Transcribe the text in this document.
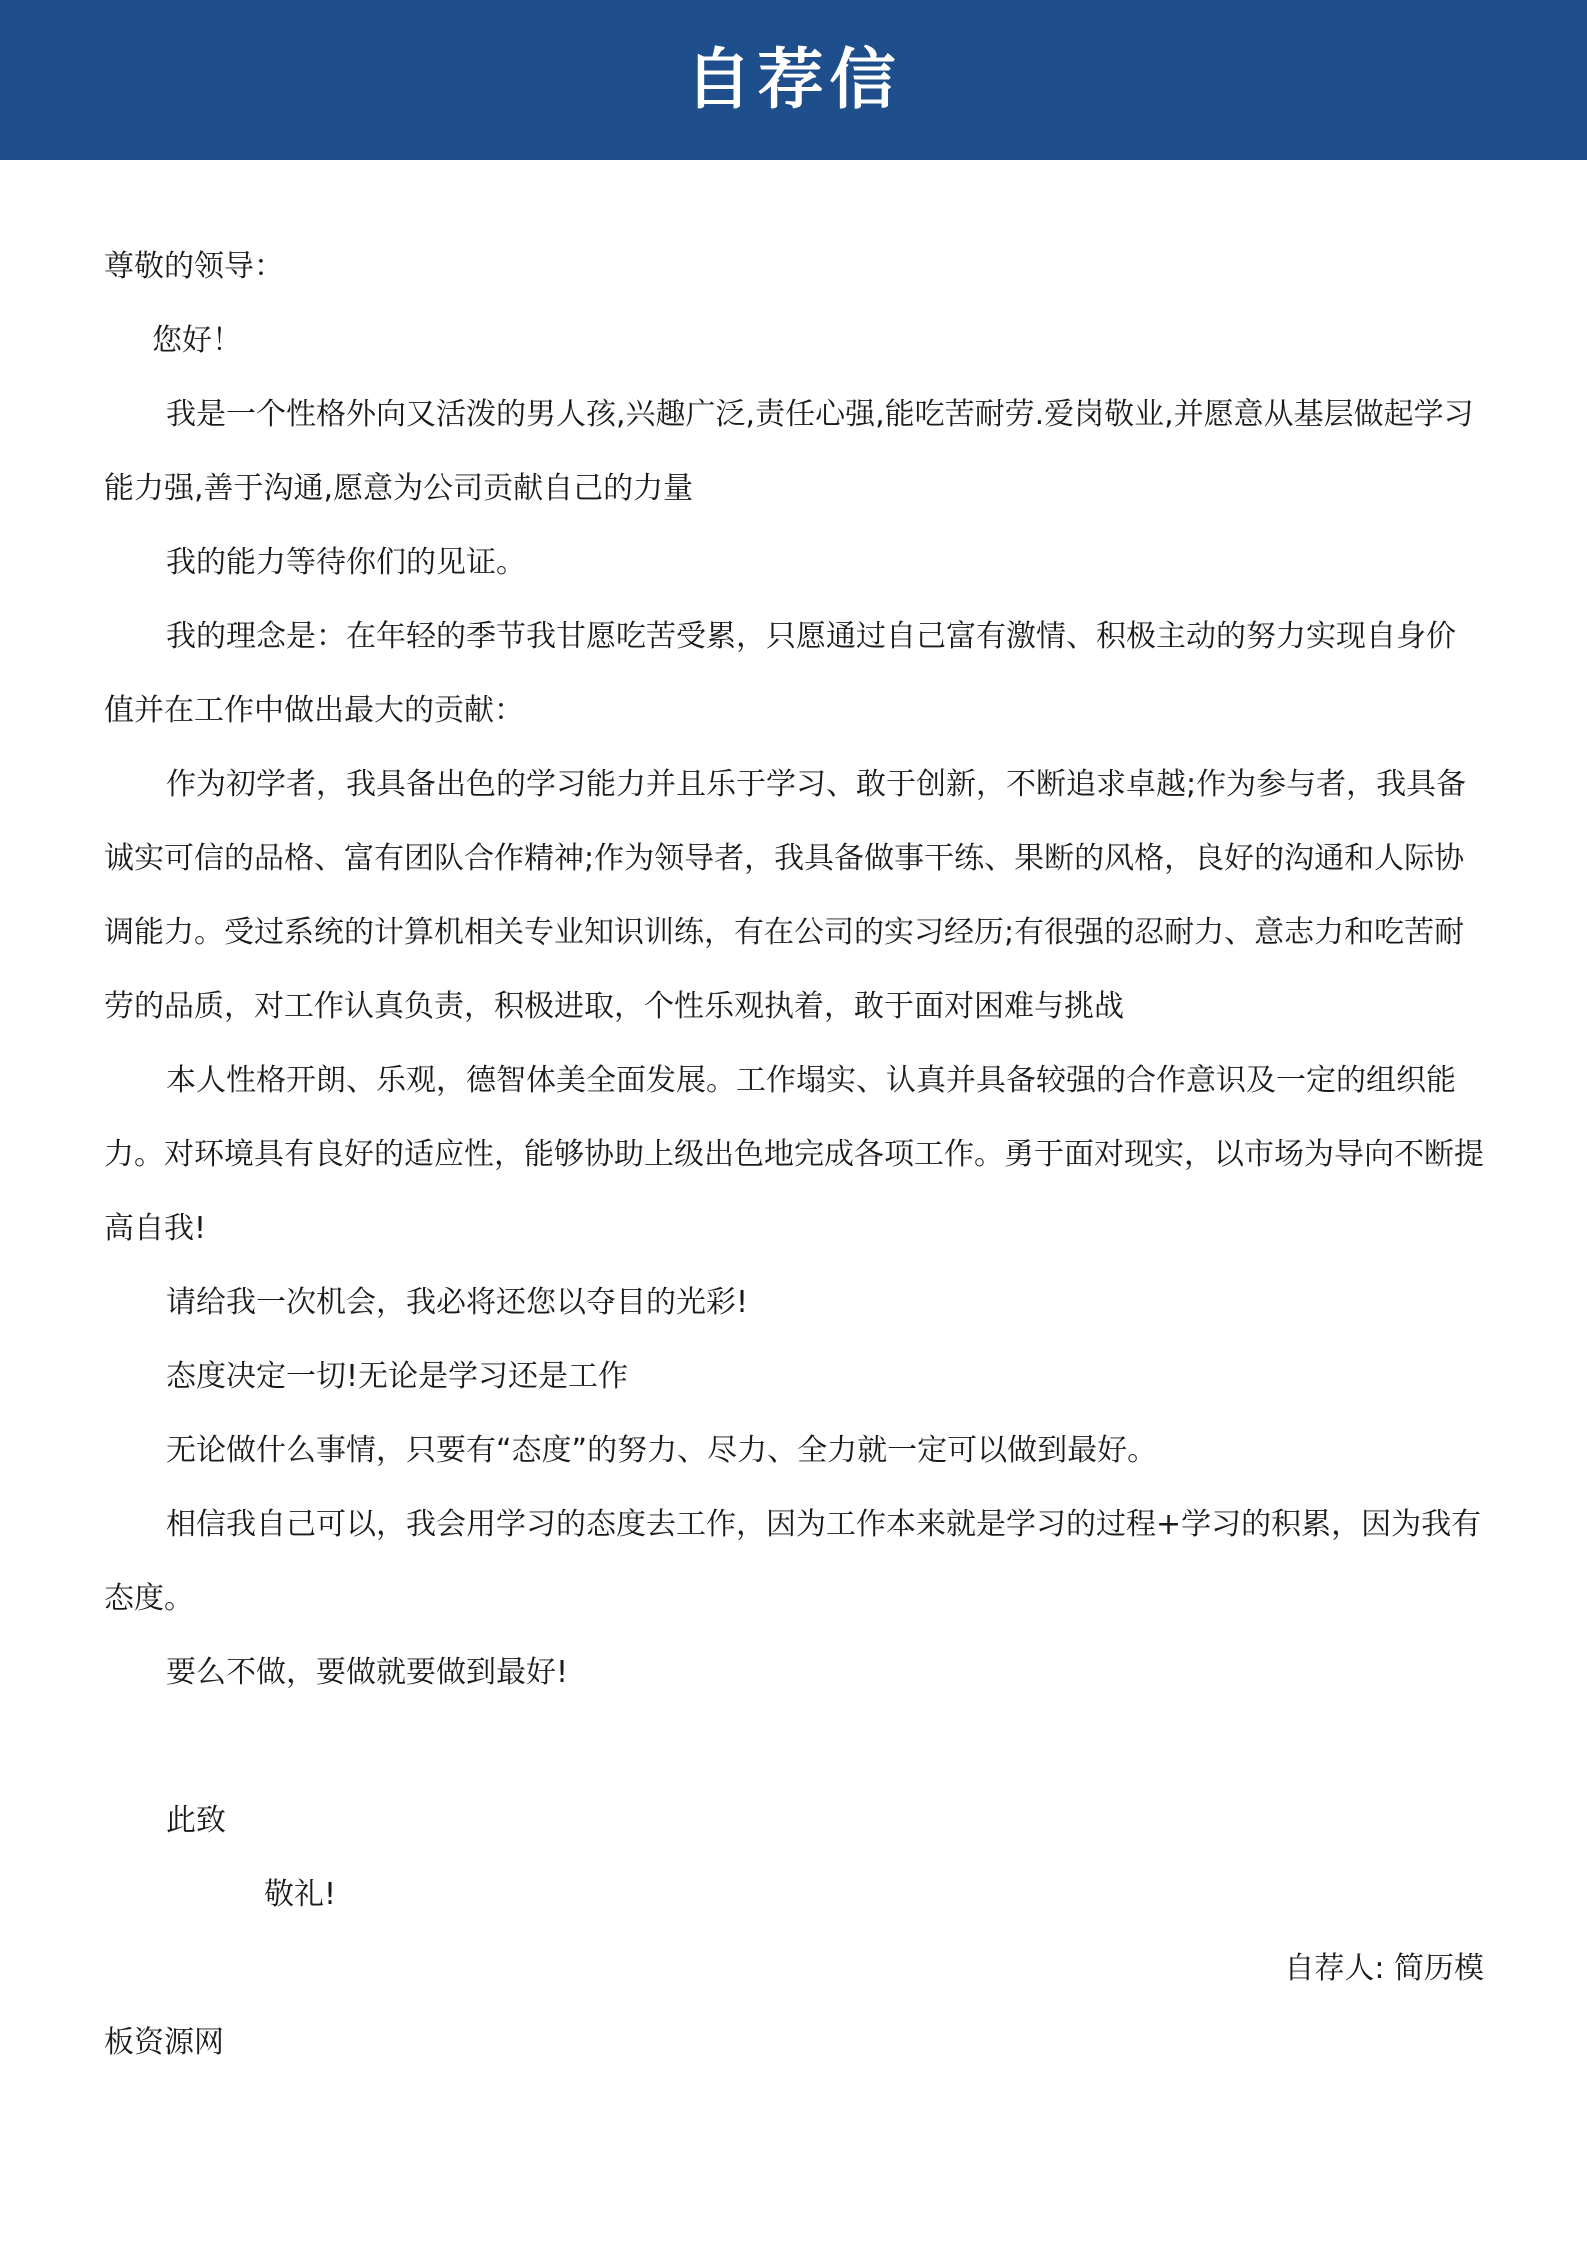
自荐信

尊敬的领导：

您好！

我是一个性格外向又活泼的男人孩,兴趣广泛,责任心强,能吃苦耐劳.爱岗敬业,并愿意从基层做起学习能力强,善于沟通,愿意为公司贡献自己的力量

我的能力等待你们的见证。

我的理念是：在年轻的季节我甘愿吃苦受累，只愿通过自己富有激情、积极主动的努力实现自身价值并在工作中做出最大的贡献：

作为初学者，我具备出色的学习能力并且乐于学习、敢于创新，不断追求卓越;作为参与者，我具备诚实可信的品格、富有团队合作精神;作为领导者，我具备做事干练、果断的风格，良好的沟通和人际协调能力。受过系统的计算机相关专业知识训练，有在公司的实习经历;有很强的忍耐力、意志力和吃苦耐劳的品质，对工作认真负责，积极进取，个性乐观执着，敢于面对困难与挑战

本人性格开朗、乐观，德智体美全面发展。工作塌实、认真并具备较强的合作意识及一定的组织能力。对环境具有良好的适应性，能够协助上级出色地完成各项工作。勇于面对现实，以市场为导向不断提高自我!

请给我一次机会，我必将还您以夺目的光彩!

态度决定一切!无论是学习还是工作

无论做什么事情，只要有“态度”的努力、尽力、全力就一定可以做到最好。

相信我自己可以，我会用学习的态度去工作，因为工作本来就是学习的过程+学习的积累，因为我有态度。

要么不做，要做就要做到最好!

此致

敬礼!

自荐人: 简历模

板资源网
